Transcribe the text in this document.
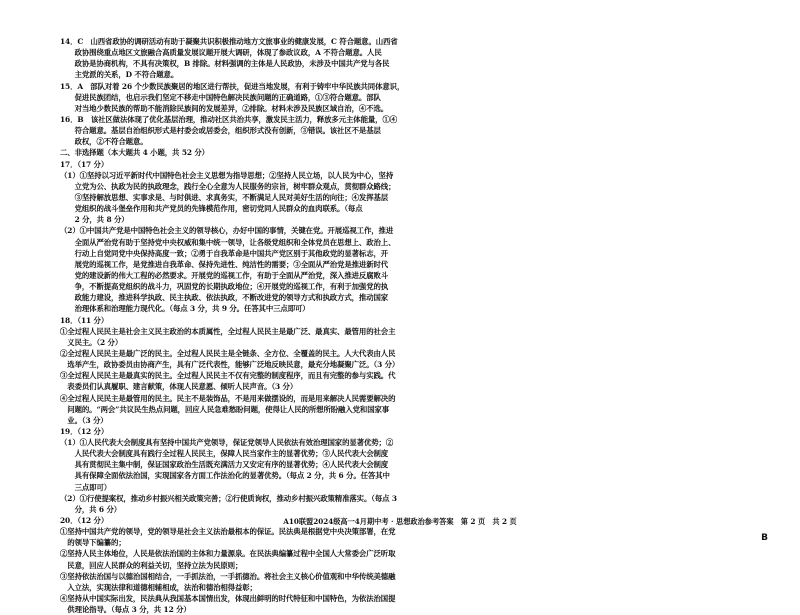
14．C　山西省政协的调研活动有助于凝聚共识积极推动地方文旅事业的健康发展，C 符合题意。山西省
　　政协围绕重点地区文旅融合高质量发展议题开展大调研，体现了参政议政，A 不符合题意。人民
　　政协是协商机构，不具有决策权，B 排除。材料强调的主体是人民政协，未涉及中国共产党与各民
　　主党派的关系，D 不符合题意。
15．A　部队对着 26 个少数民族聚居的地区进行帮扶，促进当地发展，有利于铸牢中华民族共同体意识，
　　促进民族团结，也启示我们坚定不移走中国特色解决民族问题的正确道路，①③符合题意。部队
　　对当地少数民族的帮助不能消除民族间的发展差异，②排除。材料未涉及民族区域自治，④不选。
16．B　该社区做法体现了优化基层治理，推动社区共治共享，激发民主活力，释放多元主体能量，①④
　　符合题意。基层自治组织形式是村委会或居委会，组织形式没有创新，③错误。该社区不是基层
　　政权，②不符合题意。
二、非选择题（本大题共 4 小题，共 52 分）
17．（17 分）
（1）①坚持以习近平新时代中国特色社会主义思想为指导思想；②坚持人民立场，以人民为中心，坚持
　　立党为公、执政为民的执政理念，践行全心全意为人民服务的宗旨，树牢群众观点，贯彻群众路线；
　　③坚持解放思想、实事求是、与时俱进、求真务实，不断满足人民对美好生活的向往；④发挥基层
　　党组织的战斗堡垒作用和共产党员的先锋模范作用，密切党同人民群众的血肉联系。（每点
　　2 分，共 8 分）
（2）①中国共产党是中国特色社会主义的领导核心，办好中国的事情，关键在党。开展巡视工作，推进
　　全面从严治党有助于坚持党中央权威和集中统一领导，让各级党组织和全体党员在思想上、政治上、
　　行动上自觉同党中央保持高度一致；②勇于自我革命是中国共产党区别于其他政党的显著标志，开
　　展党的巡视工作，是党推进自我革命、保持先进性、纯洁性的需要；③全面从严治党是推进新时代
　　党的建设新的伟大工程的必然要求。开展党的巡视工作，有助于全面从严治党，深入推进反腐败斗
　　争，不断提高党组织的战斗力，巩固党的长期执政地位；④开展党的巡视工作，有利于加强党的执
　　政能力建设，推进科学执政、民主执政、依法执政，不断改进党的领导方式和执政方式，推动国家
　　治理体系和治理能力现代化。（每点 3 分，共 9 分。任答其中三点即可）
18．（11 分）
①全过程人民民主是社会主义民主政治的本质属性，全过程人民民主是最广泛、最真实、最管用的社会主
　义民主。（2 分）
②全过程人民民主是最广泛的民主。全过程人民民主是全链条、全方位、全覆盖的民主。人大代表由人民
　选举产生，政协委员由协商产生，具有广泛代表性，能够广泛地反映民意，最充分地凝聚广泛。（3 分）
③全过程人民民主是最真实的民主。全过程人民民主不仅有完整的制度程序，而且有完整的参与实践。代
　表委员们认真履职、建言献策，体现人民意愿、倾听人民声音。（3 分）
④全过程人民民主是最管用的民主。民主不是装饰品，不是用来做摆设的，而是用来解决人民需要解决的
　问题的。“两会”共议民生热点问题，回应人民急难愁盼问题，使得让人民的所想所盼融入党和国家事
　业。（3 分）
19．（12 分）
（1）①人民代表大会制度具有坚持中国共产党领导，保证党领导人民依法有效治理国家的显著优势；②
　　人民代表大会制度具有践行全过程人民民主，保障人民当家作主的显著优势；③人民代表大会制度
　　具有贯彻民主集中制，保证国家政治生活既充满活力又安定有序的显著优势；④人民代表大会制度
　　具有保障全面依法治国，实现国家各方面工作法治化的显著优势。（每点 2 分，共 6 分。任答其中
　　三点即可）
（2）①行使提案权，推动乡村振兴相关政策完善；②行使质询权，推动乡村振兴政策精准落实。（每点 3
　　分，共 6 分）
20．（12 分）
①坚持中国共产党的领导，党的领导是社会主义法治最根本的保证。民法典是根据党中央决策部署，在党
　的领导下编纂的；
②坚持人民主体地位，人民是依法治国的主体和力量源泉。在民法典编纂过程中全国人大常委会广泛听取
　民意，回应人民群众的利益关切，坚持立法为民原则；
③坚持依法治国与以德治国相结合，一手抓法治，一手抓德治。将社会主义核心价值观和中华传统美德融
　入立法，实现法律和道德相辅相成，法治和德治相得益彰；
④坚持从中国实际出发，民法典从我国基本国情出发，体现出鲜明的时代特征和中国特色，为依法治国提
　供理论指导。（每点 3 分，共 12 分）
A10联盟2024级高一4月期中考 · 思想政治参考答案　第 2 页　共 2 页
B
